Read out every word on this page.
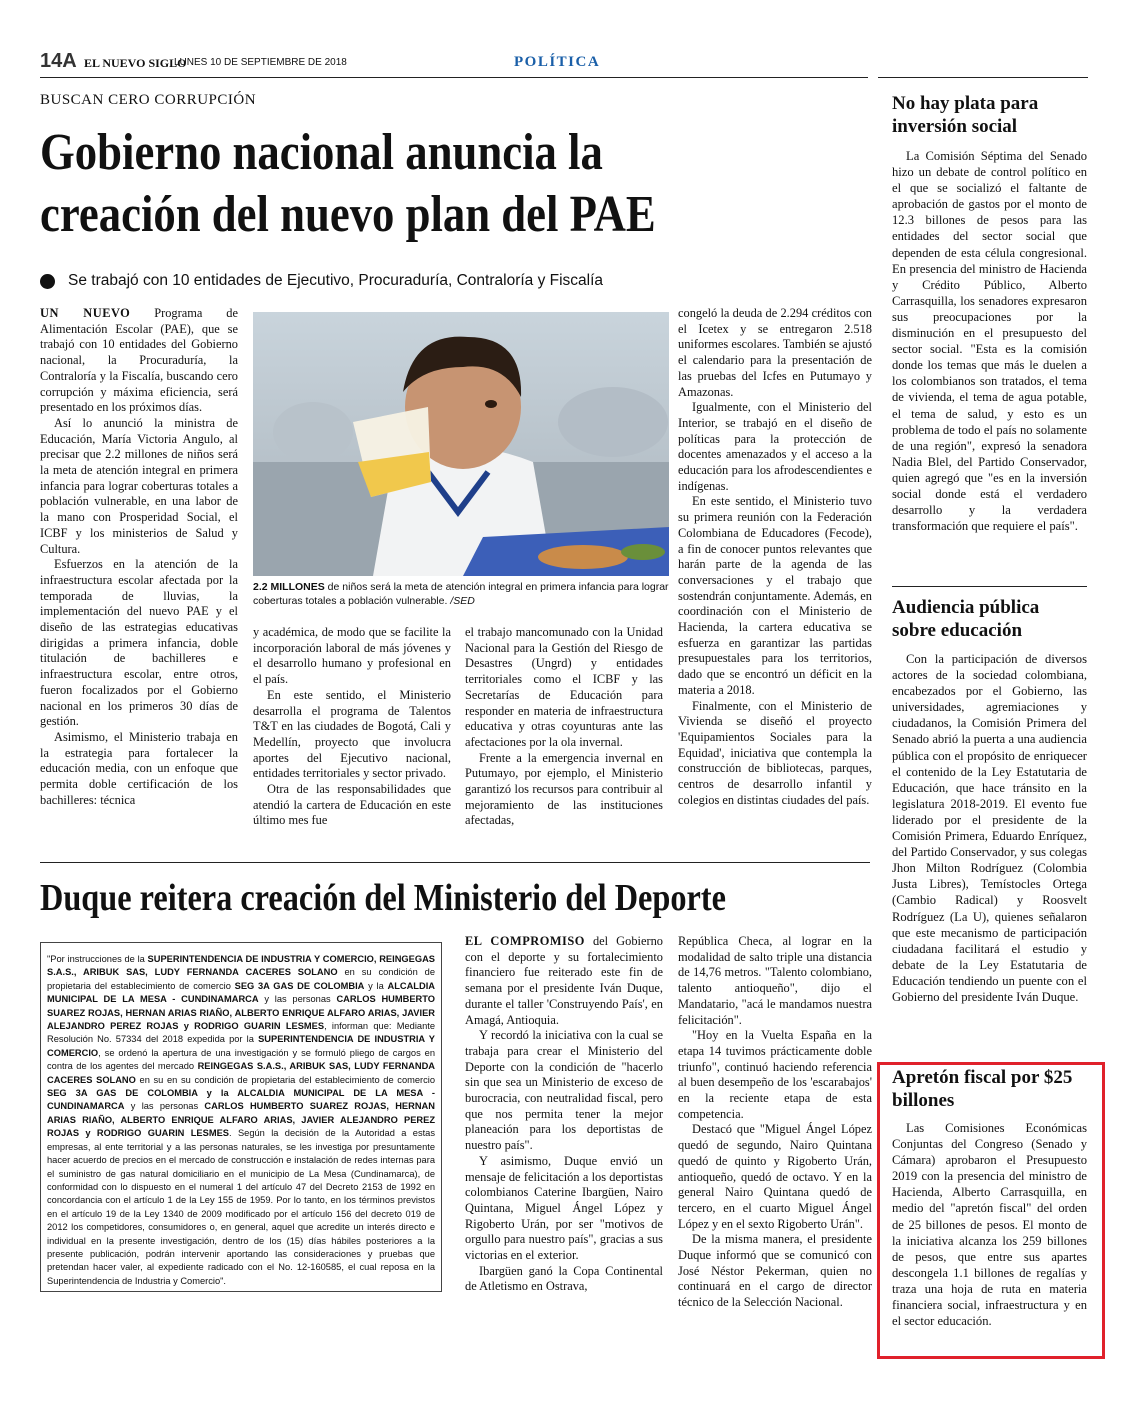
14A EL NUEVO SIGLO
LUNES 10 DE SEPTIEMBRE DE 2018	POLÍTICA
BUSCAN CERO CORRUPCIÓN
Gobierno nacional anuncia la
creación del nuevo plan del PAE
Se trabajó con 10 entidades de Ejecutivo, Procuraduría, Contraloría y Fiscalía

UN NUEVO Programa de Alimentación Escolar (PAE), que se trabajó con 10 entidades del Gobierno nacional, la Procuraduría, la Contraloría y la Fiscalía, buscando cero corrupción y máxima eficiencia, será presentado en los próximos días.

Así lo anunció la ministra de Educación, María Victoria Angulo, al precisar que 2.2 millones de niños será la meta de atención integral en primera infancia para lograr coberturas totales a población vulnerable, en una labor de la mano con Prosperidad Social, el ICBF y los ministerios de Salud y Cultura.

Esfuerzos en la atención de la infraestructura escolar afectada por la temporada de lluvias, la implementación del nuevo PAE y el diseño de las estrategias educativas dirigidas a primera infancia, doble titulación de bachilleres e infraestructura escolar, entre otros, fueron focalizados por el Gobierno nacional en los primeros 30 días de gestión.

Asimismo, el Ministerio trabaja en la estrategia para fortalecer la educación media, con un enfoque que permita doble certificación de los bachilleres: técnica

2.2 MILLONES de niños será la meta de atención integral en primera infancia para lograr coberturas totales a población vulnerable. /SED

y académica, de modo que se facilite la incorporación laboral de más jóvenes y el desarrollo humano y profesional en el país.

En este sentido, el Ministerio desarrolla el programa de Talentos T&T en las ciudades de Bogotá, Cali y Medellín, proyecto que involucra aportes del Ejecutivo nacional, entidades territoriales y sector privado.

Otra de las responsabilidades que atendió la cartera de Educación en este último mes fue

el trabajo mancomunado con la Unidad Nacional para la Gestión del Riesgo de Desastres (Ungrd) y entidades territoriales como el ICBF y las Secretarías de Educación para responder en materia de infraestructura educativa y otras coyunturas ante las afectaciones por la ola invernal.

Frente a la emergencia invernal en Putumayo, por ejemplo, el Ministerio garantizó los recursos para contribuir al mejoramiento de las instituciones afectadas,

congeló la deuda de 2.294 créditos con el Icetex y se entregaron 2.518 uniformes escolares. También se ajustó el calendario para la presentación de las pruebas del Icfes en Putumayo y Amazonas.

Igualmente, con el Ministerio del Interior, se trabajó en el diseño de políticas para la protección de docentes amenazados y el acceso a la educación para los afrodescendientes e indígenas.

En este sentido, el Ministerio tuvo su primera reunión con la Federación Colombiana de Educadores (Fecode), a fin de conocer puntos relevantes que harán parte de la agenda de las conversaciones y el trabajo que sostendrán conjuntamente. Además, en coordinación con el Ministerio de Hacienda, la cartera educativa se esfuerza en garantizar las partidas presupuestales para los territorios, dado que se encontró un déficit en la materia a 2018.

Finalmente, con el Ministerio de Vivienda se diseñó el proyecto 'Equipamientos Sociales para la Equidad', iniciativa que contempla la construcción de bibliotecas, parques, centros de desarrollo infantil y colegios en distintas ciudades del país.

Duque reitera creación del Ministerio del Deporte
"Por instrucciones de la SUPERINTENDENCIA DE INDUSTRIA Y COMERCIO, REINGEGAS S.A.S., ARIBUK SAS, LUDY FERNANDA CACERES SOLANO en su condición de propietaria del establecimiento de comercio SEG 3A GAS DE COLOMBIA y la ALCALDIA MUNICIPAL DE LA MESA - CUNDINAMARCA y las personas CARLOS HUMBERTO SUAREZ ROJAS, HERNAN ARIAS RIAÑO, ALBERTO ENRIQUE ALFARO ARIAS, JAVIER ALEJANDRO PEREZ ROJAS y RODRIGO GUARIN LESMES, informan que: Mediante Resolución No. 57334 del 2018 expedida por la SUPERINTENDENCIA DE INDUSTRIA Y COMERCIO, se ordenó la apertura de una investigación y se formuló pliego de cargos en contra de los agentes del mercado REINGEGAS S.A.S., ARIBUK SAS, LUDY FERNANDA CACERES SOLANO en su en su condición de propietaria del establecimiento de comercio SEG 3A GAS DE COLOMBIA y la ALCALDIA MUNICIPAL DE LA MESA - CUNDINAMARCA y las personas CARLOS HUMBERTO SUAREZ ROJAS, HERNAN ARIAS RIAÑO, ALBERTO ENRIQUE ALFARO ARIAS, JAVIER ALEJANDRO PEREZ ROJAS y RODRIGO GUARIN LESMES. Según la decisión de la Autoridad a estas empresas, al ente territorial y a las personas naturales, se les investiga por presuntamente hacer acuerdo de precios en el mercado de construcción e instalación de redes internas para el suministro de gas natural domiciliario en el municipio de La Mesa (Cundinamarca), de conformidad con lo dispuesto en el numeral 1 del artículo 47 del Decreto 2153 de 1992 en concordancia con el artículo 1 de la Ley 155 de 1959. Por lo tanto, en los términos previstos en el artículo 19 de la Ley 1340 de 2009 modificado por el artículo 156 del decreto 019 de 2012 los competidores, consumidores o, en general, aquel que acredite un interés directo e individual en la presente investigación, dentro de los (15) días hábiles posteriores a la presente publicación, podrán intervenir aportando las consideraciones y pruebas que pretendan hacer valer, al expediente radicado con el No. 12-160585, el cual reposa en la Superintendencia de Industria y Comercio".

EL COMPROMISO del Gobierno con el deporte y su fortalecimiento financiero fue reiterado este fin de semana por el presidente Iván Duque, durante el taller 'Construyendo País', en Amagá, Antioquia.

Y recordó la iniciativa con la cual se trabaja para crear el Ministerio del Deporte con la condición de "hacerlo sin que sea un Ministerio de exceso de burocracia, con neutralidad fiscal, pero que nos permita tener la mejor planeación para los deportistas de nuestro país".

Y asimismo, Duque envió un mensaje de felicitación a los deportistas colombianos Caterine Ibargüen, Nairo Quintana, Miguel Ángel López y Rigoberto Urán, por ser "motivos de orgullo para nuestro país", gracias a sus victorias en el exterior.

Ibargüen ganó la Copa Continental de Atletismo en Ostrava,

República Checa, al lograr en la modalidad de salto triple una distancia de 14,76 metros. "Talento colombiano, talento antioqueño", dijo el Mandatario, "acá le mandamos nuestra felicitación".

"Hoy en la Vuelta España en la etapa 14 tuvimos prácticamente doble triunfo", continuó haciendo referencia al buen desempeño de los 'escarabajos' en la reciente etapa de esta competencia.

Destacó que "Miguel Ángel López quedó de segundo, Nairo Quintana quedó de quinto y Rigoberto Urán, antioqueño, quedó de octavo. Y en la general Nairo Quintana quedó de tercero, en el cuarto Miguel Ángel López y en el sexto Rigoberto Urán".

De la misma manera, el presidente Duque informó que se comunicó con José Néstor Pekerman, quien no continuará en el cargo de director técnico de la Selección Nacional.

No hay plata para inversión social

La Comisión Séptima del Senado hizo un debate de control político en el que se socializó el faltante de aprobación de gastos por el monto de 12.3 billones de pesos para las entidades del sector social que dependen de esta célula congresional. En presencia del ministro de Hacienda y Crédito Público, Alberto Carrasquilla, los senadores expresaron sus preocupaciones por la disminución en el presupuesto del sector social. "Esta es la comisión donde los temas que más le duelen a los colombianos son tratados, el tema de vivienda, el tema de agua potable, el tema de salud, y esto es un problema de todo el país no solamente de una región", expresó la senadora Nadia Blel, del Partido Conservador, quien agregó que "es en la inversión social donde está el verdadero desarrollo y la verdadera transformación que requiere el país".

Audiencia pública sobre educación

Con la participación de diversos actores de la sociedad colombiana, encabezados por el Gobierno, las universidades, agremiaciones y ciudadanos, la Comisión Primera del Senado abrió la puerta a una audiencia pública con el propósito de enriquecer el contenido de la Ley Estatutaria de Educación, que hace tránsito en la legislatura 2018-2019. El evento fue liderado por el presidente de la Comisión Primera, Eduardo Enríquez, del Partido Conservador, y sus colegas Jhon Milton Rodríguez (Colombia Justa Libres), Temístocles Ortega (Cambio Radical) y Roosvelt Rodríguez (La U), quienes señalaron que este mecanismo de participación ciudadana facilitará el estudio y debate de la Ley Estatutaria de Educación tendiendo un puente con el Gobierno del presidente Iván Duque.

Apretón fiscal por $25 billones

Las Comisiones Económicas Conjuntas del Congreso (Senado y Cámara) aprobaron el Presupuesto 2019 con la presencia del ministro de Hacienda, Alberto Carrasquilla, en medio del "apretón fiscal" del orden de 25 billones de pesos. El monto de la iniciativa alcanza los 259 billones de pesos, que entre sus apartes descongela 1.1 billones de regalías y traza una hoja de ruta en materia financiera social, infraestructura y en el sector educación.
